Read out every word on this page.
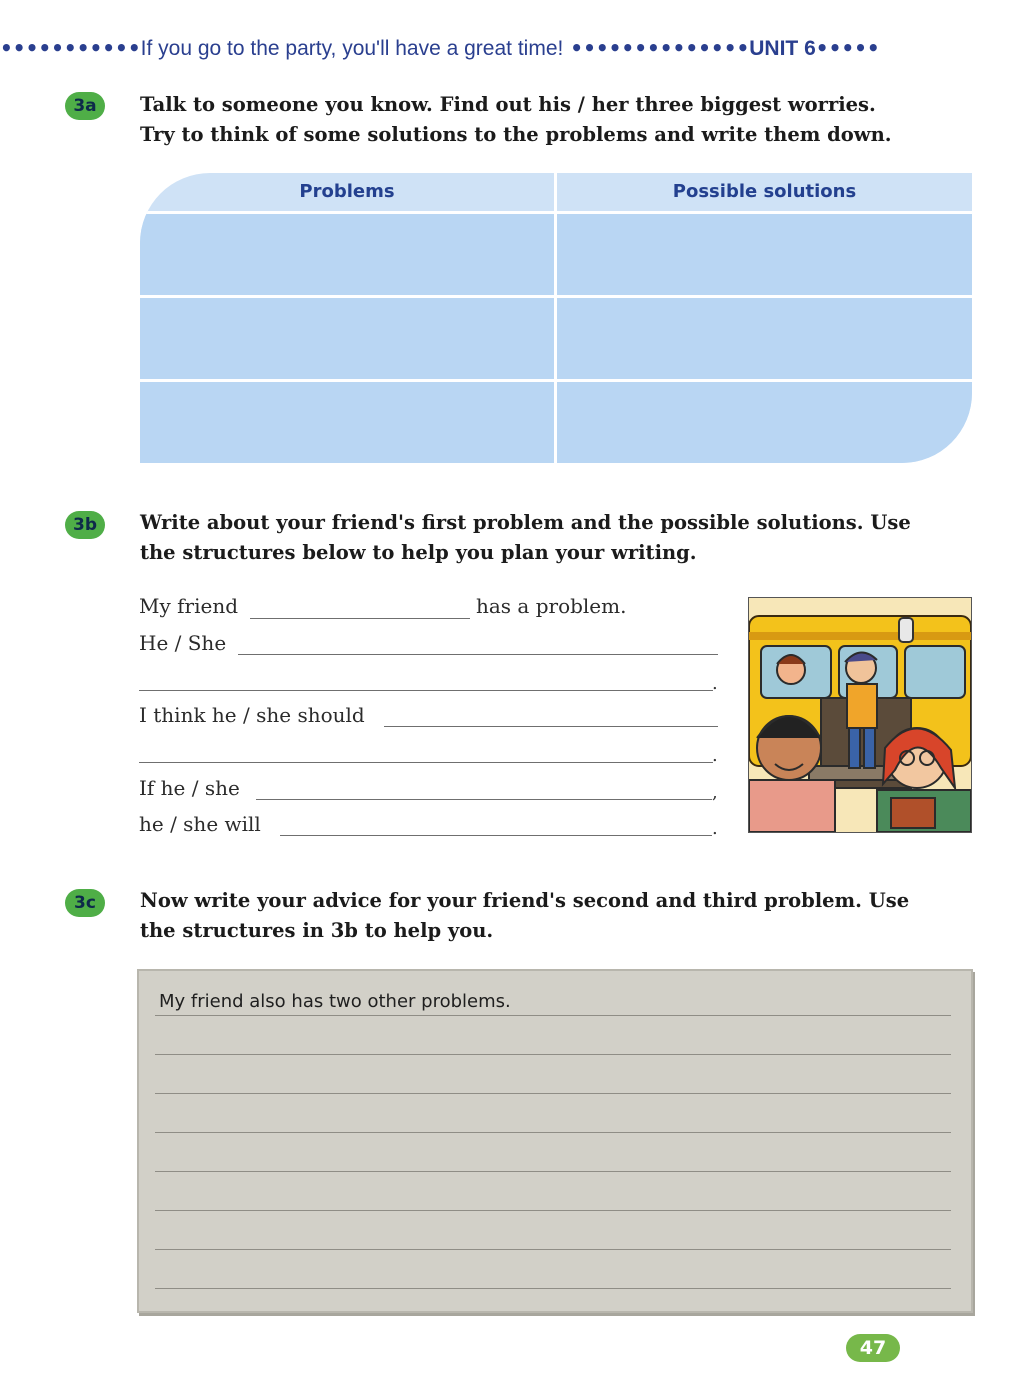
•••••••••••If you go to the party, you'll have a great time! ••••••••••••••UNIT 6•••••
3a	Talk to someone you know. Find out his / her three biggest worries.
Try to think of some solutions to the problems and write them down.
Problems	Possible solutions
3b	Write about your friend's first problem and the possible solutions. Use
the structures below to help you plan your writing.
My friend	has a problem.
He / She
.
I think he / she should
.
If he / she	,
he / she will	.
3c	Now write your advice for your friend's second and third problem. Use
the structures in 3b to help you.
My friend also has two other problems.
47
